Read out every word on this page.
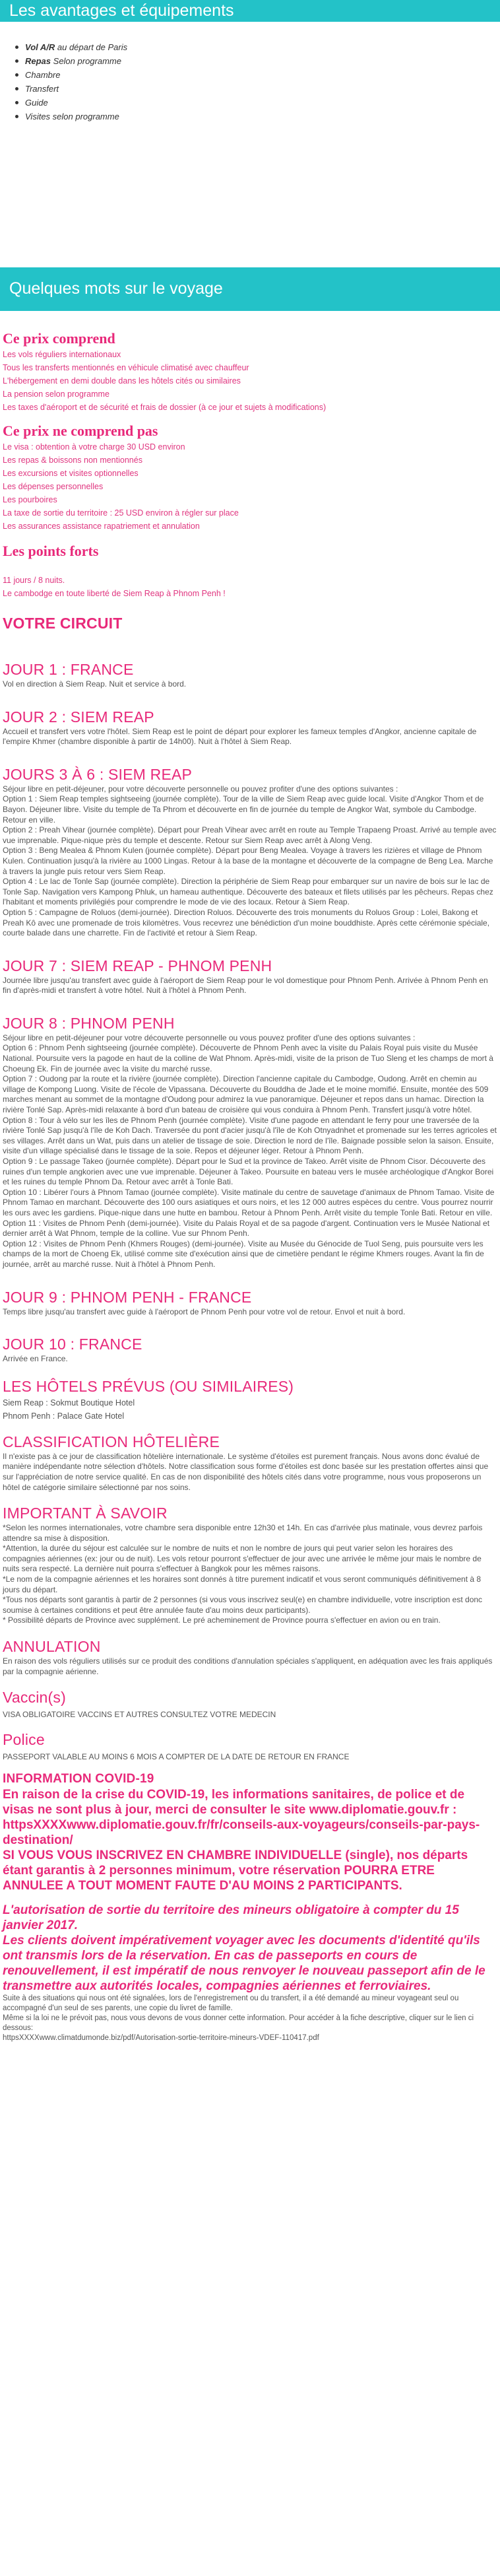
Les avantages et équipements
Vol A/R au départ de Paris
Repas Selon programme
Chambre
Transfert
Guide
Visites selon programme
Quelques mots sur le voyage
Ce prix comprend

Les vols réguliers internationaux

Tous les transferts mentionnés en véhicule climatisé avec chauffeur

L'hébergement en demi double dans les hôtels cités ou similaires

La pension selon programme

Les taxes d'aéroport et de sécurité et frais de dossier (à ce jour et sujets à modifications)

Ce prix ne comprend pas

Le visa : obtention à votre charge 30 USD environ

Les repas & boissons non mentionnés

Les excursions et visites optionnelles

Les dépenses personnelles

Les pourboires

La taxe de sortie du territoire : 25 USD environ à régler sur place

Les assurances assistance rapatriement et annulation

Les points forts

11 jours / 8 nuits.

Le cambodge en toute liberté de Siem Reap à Phnom Penh !

VOTRE CIRCUIT
JOUR 1 : FRANCE

Vol en direction à Siem Reap. Nuit et service à bord.

JOUR 2 : SIEM REAP

Accueil et transfert vers votre l'hôtel. Siem Reap est le point de départ pour explorer les fameux temples d'Angkor, ancienne capitale de l'empire Khmer (chambre disponible à partir de 14h00). Nuit à l'hôtel à Siem Reap.

JOURS 3 À 6 : SIEM REAP

Séjour libre en petit-déjeuner, pour votre découverte personnelle ou pouvez profiter d'une des options suivantes :

Option 1 : Siem Reap temples sightseeing (journée complète). Tour de la ville de Siem Reap avec guide local. Visite d'Angkor Thom et de Bayon. Déjeuner libre. Visite du temple de Ta Phrom et découverte en fin de journée du temple de Angkor Wat, symbole du Cambodge. Retour en ville.

Option 2 : Preah Vihear (journée complète). Départ pour Preah Vihear avec arrêt en route au Temple Trapaeng Proast. Arrivé au temple avec vue imprenable. Pique-nique près du temple et descente. Retour sur Siem Reap avec arrêt à Along Veng.

Option 3 : Beng Mealea & Phnom Kulen (journée complète). Départ pour Beng Mealea. Voyage à travers les rizières et village de Phnom Kulen. Continuation jusqu'à la rivière au 1000 Lingas. Retour à la base de la montagne et découverte de la compagne de Beng Lea. Marche à travers la jungle puis retour vers Siem Reap.

Option 4 : Le lac de Tonle Sap (journée complète). Direction la périphérie de Siem Reap pour embarquer sur un navire de bois sur le lac de Tonle Sap. Navigation vers Kampong Phluk, un hameau authentique. Découverte des bateaux et filets utilisés par les pêcheurs. Repas chez l'habitant et moments privilégiés pour comprendre le mode de vie des locaux. Retour à Siem Reap.

Option 5 : Campagne de Roluos (demi-journée). Direction Roluos. Découverte des trois monuments du Roluos Group : Lolei, Bakong et Preah Kô avec une promenade de trois kilomètres. Vous recevrez une bénédiction d'un moine bouddhiste. Après cette cérémonie spéciale, courte balade dans une charrette. Fin de l'activité et retour à Siem Reap.

JOUR 7 : SIEM REAP - PHNOM PENH

Journée libre jusqu'au transfert avec guide à l'aéroport de Siem Reap pour le vol domestique pour Phnom Penh. Arrivée à Phnom Penh en fin d'après-midi et transfert à votre hôtel. Nuit à l'hôtel à Phnom Penh.

JOUR 8 : PHNOM PENH

Séjour libre en petit-déjeuner pour votre découverte personnelle ou vous pouvez profiter d'une des options suivantes :

Option 6 : Phnom Penh sightseeing (journée complète). Découverte de Phnom Penh avec la visite du Palais Royal puis visite du Musée National. Poursuite vers la pagode en haut de la colline de Wat Phnom. Après-midi, visite de la prison de Tuo Sleng et les champs de mort à Choeung Ek. Fin de journée avec la visite du marché russe.

Option 7 : Oudong par la route et la rivière (journée complète). Direction l'ancienne capitale du Cambodge, Oudong. Arrêt en chemin au village de Kompong Luong. Visite de l'école de Vipassana. Découverte du Bouddha de Jade et le moine momifié. Ensuite, montée des 509 marches menant au sommet de la montagne d'Oudong pour admirez la vue panoramique. Déjeuner et repos dans un hamac. Direction la rivière Tonlé Sap. Après-midi relaxante à bord d'un bateau de croisière qui vous conduira à Phnom Penh. Transfert jusqu'à votre hôtel.

Option 8 : Tour à vélo sur les îles de Phnom Penh (journée complète). Visite d'une pagode en attendant le ferry pour une traversée de la rivière Tonlé Sap jusqu'à l'île de Koh Dach. Traversée du pont d'acier jusqu'à l'île de Koh Otnyadnhet et promenade sur les terres agricoles et ses villages. Arrêt dans un Wat, puis dans un atelier de tissage de soie. Direction le nord de l'île. Baignade possible selon la saison. Ensuite, visite d'un village spécialisé dans le tissage de la soie. Repos et déjeuner léger. Retour à Phnom Penh.

Option 9 : Le passage Takeo (journée complète). Départ pour le Sud et la province de Takeo. Arrêt visite de Phnom Cisor. Découverte des ruines d'un temple angkorien avec une vue imprenable. Déjeuner à Takeo. Poursuite en bateau vers le musée archéologique d'Angkor Borei et les ruines du temple Phnom Da. Retour avec arrêt à Tonle Bati.

Option 10 : Libérer l'ours à Phnom Tamao (journée complète). Visite matinale du centre de sauvetage d'animaux de Phnom Tamao. Visite de Phnom Tamao en marchant. Découverte des 100 ours asiatiques et ours noirs, et les 12 000 autres espèces du centre. Vous pourrez nourrir les ours avec les gardiens. Pique-nique dans une hutte en bambou. Retour à Phnom Penh. Arrêt visite du temple Tonle Bati. Retour en ville.

Option 11 : Visites de Phnom Penh (demi-journée). Visite du Palais Royal et de sa pagode d'argent. Continuation vers le Musée National et dernier arrêt à Wat Phnom, temple de la colline. Vue sur Phnom Penh.

Option 12 : Visites de Phnom Penh (Khmers Rouges) (demi-journée). Visite au Musée du Génocide de Tuol Seng, puis poursuite vers les champs de la mort de Choeng Ek, utilisé comme site d'exécution ainsi que de cimetière pendant le régime Khmers rouges. Avant la fin de journée, arrêt au marché russe. Nuit à l'hôtel à Phnom Penh.

JOUR 9 : PHNOM PENH - FRANCE

Temps libre jusqu'au transfert avec guide à l'aéroport de Phnom Penh pour votre vol de retour. Envol et nuit à bord.

JOUR 10 : FRANCE

Arrivée en France.

LES HÔTELS PRÉVUS (OU SIMILAIRES)

Siem Reap : Sokmut Boutique Hotel

Phnom Penh : Palace Gate Hotel

CLASSIFICATION HÔTELIÈRE

Il n'existe pas à ce jour de classification hôtelière internationale. Le système d'étoiles est purement français. Nous avons donc évalué de manière indépendante notre sélection d'hôtels. Notre classification sous forme d'étoiles est donc basée sur les prestation offertes ainsi que sur l'appréciation de notre service qualité. En cas de non disponibilité des hôtels cités dans votre programme, nous vous proposerons un hôtel de catégorie similaire sélectionné par nos soins.

IMPORTANT À SAVOIR

*Selon les normes internationales, votre chambre sera disponible entre 12h30 et 14h. En cas d'arrivée plus matinale, vous devrez parfois attendre sa mise à disposition.

*Attention, la durée du séjour est calculée sur le nombre de nuits et non le nombre de jours qui peut varier selon les horaires des compagnies aériennes (ex: jour ou de nuit). Les vols retour pourront s'effectuer de jour avec une arrivée le même jour mais le nombre de nuits sera respecté. La dernière nuit pourra s'effectuer à Bangkok pour les mêmes raisons.

*Le nom de la compagnie aériennes et les horaires sont donnés à titre purement indicatif et vous seront communiqués définitivement à 8 jours du départ.

*Tous nos départs sont garantis à partir de 2 personnes (si vous vous inscrivez seul(e) en chambre individuelle, votre inscription est donc soumise à certaines conditions et peut être annulée faute d'au moins deux participants).

* Possibilité départs de Province avec supplément. Le pré acheminement de Province pourra s'effectuer en avion ou en train.

ANNULATION

En raison des vols réguliers utilisés sur ce produit des conditions d'annulation spéciales s'appliquent, en adéquation avec les frais appliqués par la compagnie aérienne.

Vaccin(s)

VISA OBLIGATOIRE VACCINS ET AUTRES CONSULTEZ VOTRE MEDECIN

Police

PASSEPORT VALABLE AU MOINS 6 MOIS A COMPTER DE LA DATE DE RETOUR EN FRANCE

INFORMATION COVID-19

En raison de la crise du COVID-19, les informations sanitaires, de police et de visas ne sont plus à jour, merci de consulter le site www.diplomatie.gouv.fr : httpsXXXXwww.diplomatie.gouv.fr/fr/conseils-aux-voyageurs/conseils-par-pays-destination/

SI VOUS VOUS INSCRIVEZ EN CHAMBRE INDIVIDUELLE (single), nos départs étant garantis à 2 personnes minimum, votre réservation POURRA ETRE ANNULEE A TOUT MOMENT FAUTE D'AU MOINS 2 PARTICIPANTS.

L'autorisation de sortie du territoire des mineurs obligatoire à compter du 15 janvier 2017.
Les clients doivent impérativement voyager avec les documents d'identité qu'ils ont transmis lors de la réservation. En cas de passeports en cours de renouvellement, il est impératif de nous renvoyer le nouveau passeport afin de le transmettre aux autorités locales, compagnies aériennes et ferroviaires.

Suite à des situations qui nous ont été signalées, lors de l'enregistrement ou du transfert, il a été demandé au mineur voyageant seul ou accompagné d'un seul de ses parents, une copie du livret de famille.

Même si la loi ne le prévoit pas, nous vous devons de vous donner cette information. Pour accéder à la fiche descriptive, cliquer sur le lien ci dessous:

httpsXXXXwww.climatdumonde.biz/pdf/Autorisation-sortie-territoire-mineurs-VDEF-110417.pdf
